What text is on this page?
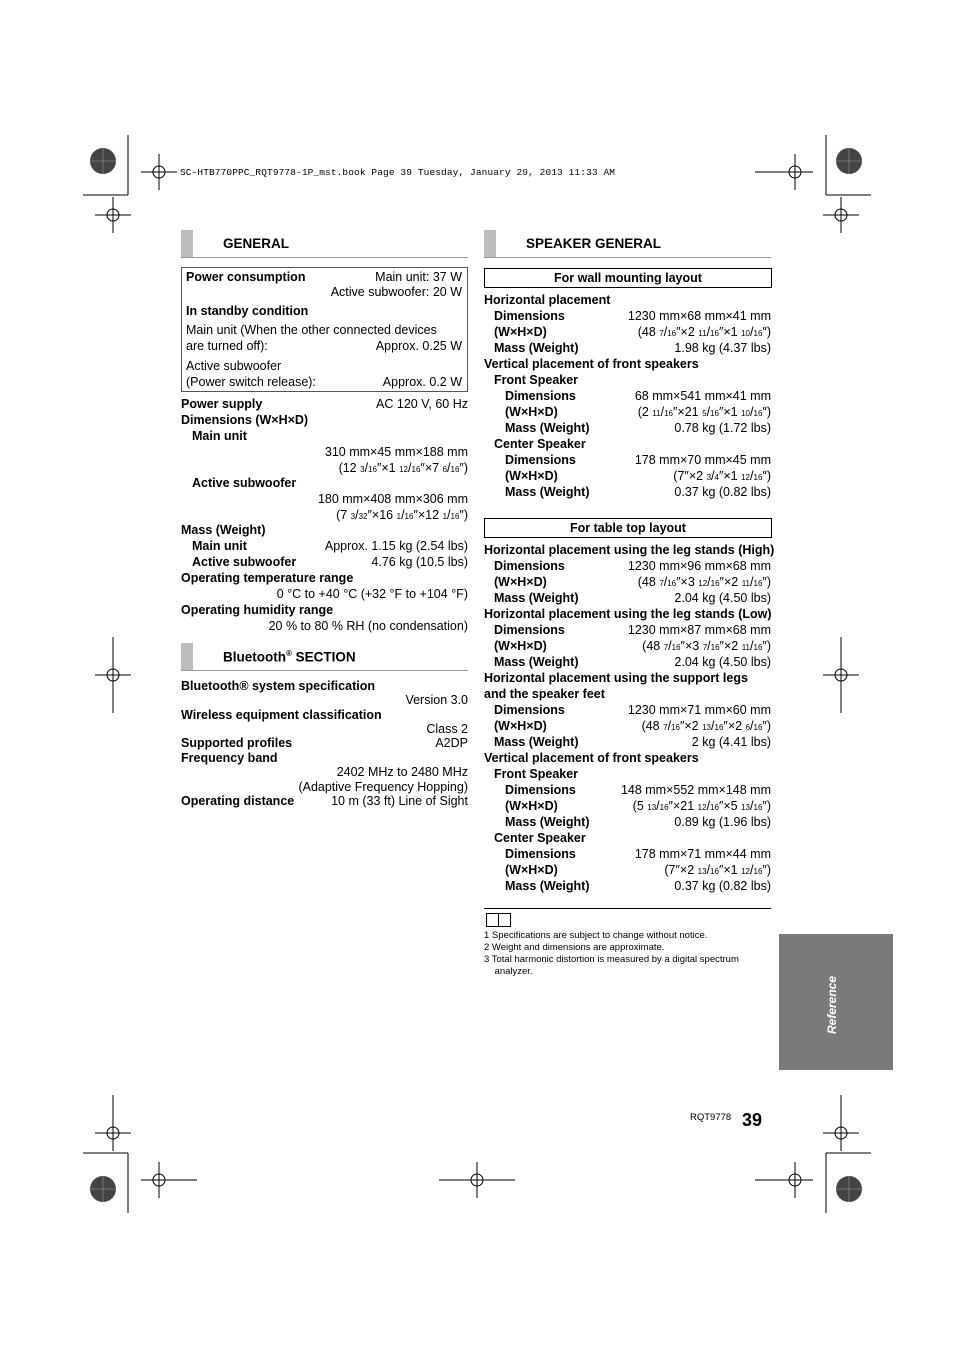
SC-HTB770PPC_RQT9778-1P_mst.book Page 39 Tuesday, January 29, 2013 11:33 AM
GENERAL
Power consumption	Main unit: 37 W
Active subwoofer: 20 W
In standby condition
Main unit (When the other connected devices
are turned off):	Approx. 0.25 W
Active subwoofer
(Power switch release):	Approx. 0.2 W
Power supply	AC 120 V, 60 Hz
Dimensions (W×H×D)
Main unit
310 mm×45 mm×188 mm
(12 3/16″×1 12/16″×7 6/16″)
Active subwoofer
180 mm×408 mm×306 mm
(7 3/32″×16 1/16″×12 1/16″)
Mass (Weight)
Main unit	Approx. 1.15 kg (2.54 lbs)
Active subwoofer	4.76 kg (10.5 lbs)
Operating temperature range
0 °C to +40 °C (+32 °F to +104 °F)
Operating humidity range
20 % to 80 % RH (no condensation)
Bluetooth® SECTION
Bluetooth® system specification
Version 3.0
Wireless equipment classification
Class 2
Supported profiles	A2DP
Frequency band
2402 MHz to 2480 MHz
(Adaptive Frequency Hopping)
Operating distance	10 m (33 ft) Line of Sight
SPEAKER GENERAL
For wall mounting layout
Horizontal placement
Dimensions	1230 mm×68 mm×41 mm
(W×H×D)	(48 7/16″×2 11/16″×1 10/16″)
Mass (Weight)	1.98 kg (4.37 lbs)
Vertical placement of front speakers
Front Speaker
Dimensions	68 mm×541 mm×41 mm
(W×H×D)	(2 11/16″×21 5/16″×1 10/16″)
Mass (Weight)	0.78 kg (1.72 lbs)
Center Speaker
Dimensions	178 mm×70 mm×45 mm
(W×H×D)	(7″×2 3/4″×1 12/16″)
Mass (Weight)	0.37 kg (0.82 lbs)
For table top layout
Horizontal placement using the leg stands (High)
Dimensions	1230 mm×96 mm×68 mm
(W×H×D)	(48 7/16″×3 12/16″×2 11/16″)
Mass (Weight)	2.04 kg (4.50 lbs)
Horizontal placement using the leg stands (Low)
Dimensions	1230 mm×87 mm×68 mm
(W×H×D)	(48 7/16″×3 7/16″×2 11/16″)
Mass (Weight)	2.04 kg (4.50 lbs)
Horizontal placement using the support legs
and the speaker feet
Dimensions	1230 mm×71 mm×60 mm
(W×H×D)	(48 7/16″×2 13/16″×2 6/16″)
Mass (Weight)	2 kg (4.41 lbs)
Vertical placement of front speakers
Front Speaker
Dimensions	148 mm×552 mm×148 mm
(W×H×D)	(5 13/16″×21 12/16″×5 13/16″)
Mass (Weight)	0.89 kg (1.96 lbs)
Center Speaker
Dimensions	178 mm×71 mm×44 mm
(W×H×D)	(7″×2 13/16″×1 12/16″)
Mass (Weight)	0.37 kg (0.82 lbs)
1 Specifications are subject to change without notice.
2 Weight and dimensions are approximate.
3 Total harmonic distortion is measured by a digital spectrum
analyzer.
Reference
RQT9778 39
